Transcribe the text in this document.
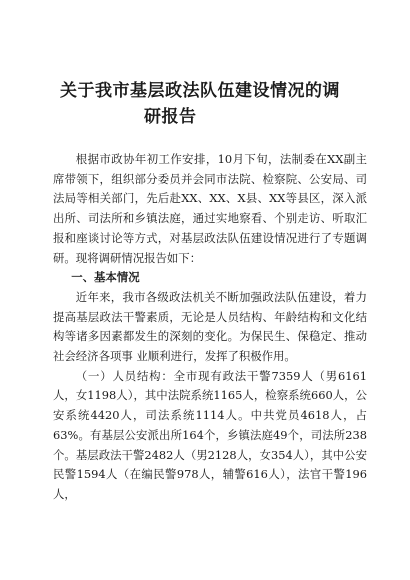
关于我市基层政法队伍建设情况的调
研报告

根据市政协年初工作安排，10月下旬，法制委在XX副主席带领下，组织部分委员并会同市法院、检察院、公安局、司法局等相关部门，先后赴XX、XX、X县、XX等县区，深入派出所、司法所和乡镇法庭，通过实地察看、个别走访、听取汇报和座谈讨论等方式，对基层政法队伍建设情况进行了专题调研。现将调研情况报告如下：

一、基本情况

近年来，我市各级政法机关不断加强政法队伍建设，着力提高基层政法干警素质，无论是人员结构、年龄结构和文化结构等诸多因素都发生的深刻的变化。为保民生、保稳定、推动社会经济各项事 业顺利进行，发挥了积极作用。

（一）人员结构：全市现有政法干警7359人（男6161人，女1198人），其中法院系统1165人，检察系统660人，公安系统4420人，司法系统1114人。中共党员4618人，占63%。有基层公安派出所164个，乡镇法庭49个，司法所238个。基层政法干警2482人（男2128人，女354人），其中公安民警1594人（在编民警978人，辅警616人），法官干警196人，
